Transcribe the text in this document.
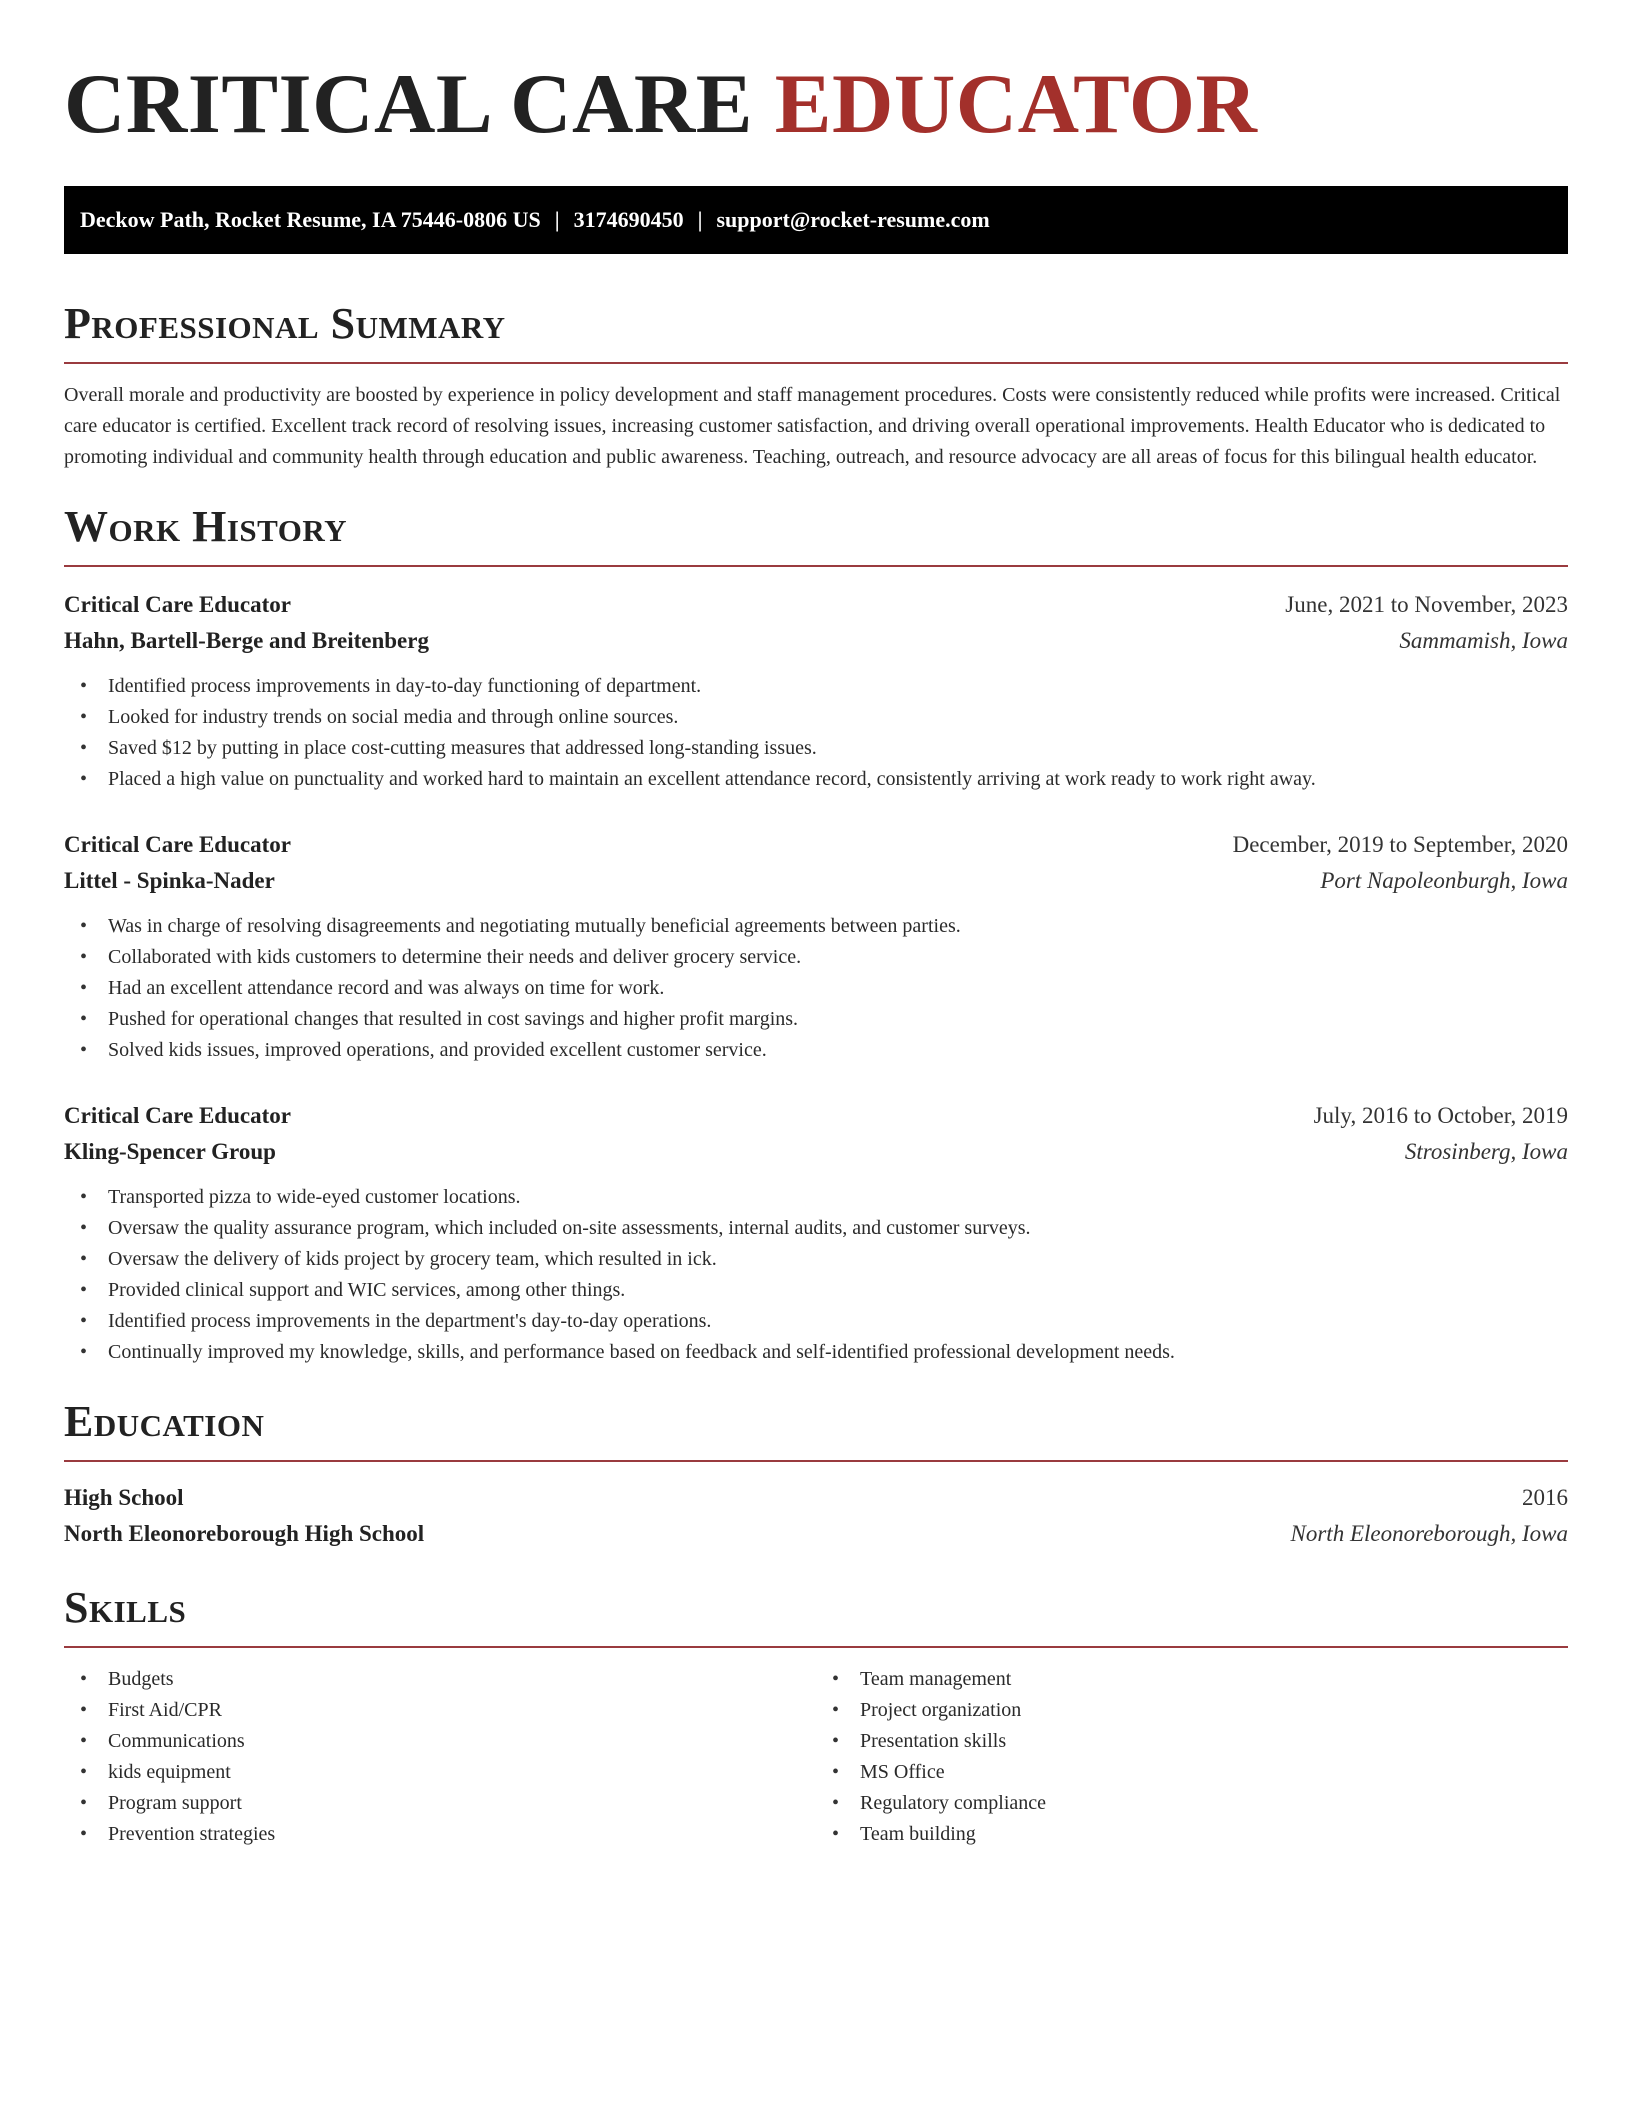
CRITICAL CARE EDUCATOR
Deckow Path, Rocket Resume, IA 75446-0806 US | 3174690450 | support@rocket-resume.com
Professional Summary

Overall morale and productivity are boosted by experience in policy development and staff management procedures. Costs were consistently reduced while profits were increased. Critical care educator is certified. Excellent track record of resolving issues, increasing customer satisfaction, and driving overall operational improvements. Health Educator who is dedicated to promoting individual and community health through education and public awareness. Teaching, outreach, and resource advocacy are all areas of focus for this bilingual health educator.

Work History
Critical Care Educator	June, 2021 to November, 2023
Hahn, Bartell-Berge and Breitenberg	Sammamish, Iowa
• Identified process improvements in day-to-day functioning of department.
• Looked for industry trends on social media and through online sources.
• Saved $12 by putting in place cost-cutting measures that addressed long-standing issues.
• Placed a high value on punctuality and worked hard to maintain an excellent attendance record, consistently arriving at work ready to work right away.
Critical Care Educator	December, 2019 to September, 2020
Littel - Spinka-Nader	Port Napoleonburgh, Iowa
• Was in charge of resolving disagreements and negotiating mutually beneficial agreements between parties.
• Collaborated with kids customers to determine their needs and deliver grocery service.
• Had an excellent attendance record and was always on time for work.
• Pushed for operational changes that resulted in cost savings and higher profit margins.
• Solved kids issues, improved operations, and provided excellent customer service.
Critical Care Educator	July, 2016 to October, 2019
Kling-Spencer Group	Strosinberg, Iowa
• Transported pizza to wide-eyed customer locations.
• Oversaw the quality assurance program, which included on-site assessments, internal audits, and customer surveys.
• Oversaw the delivery of kids project by grocery team, which resulted in ick.
• Provided clinical support and WIC services, among other things.
• Identified process improvements in the department's day-to-day operations.
• Continually improved my knowledge, skills, and performance based on feedback and self-identified professional development needs.
Education
High School	2016
North Eleonoreborough High School	North Eleonoreborough, Iowa
Skills
• Budgets
• First Aid/CPR
• Communications
• kids equipment
• Program support
• Prevention strategies
• Team management
• Project organization
• Presentation skills
• MS Office
• Regulatory compliance
• Team building
